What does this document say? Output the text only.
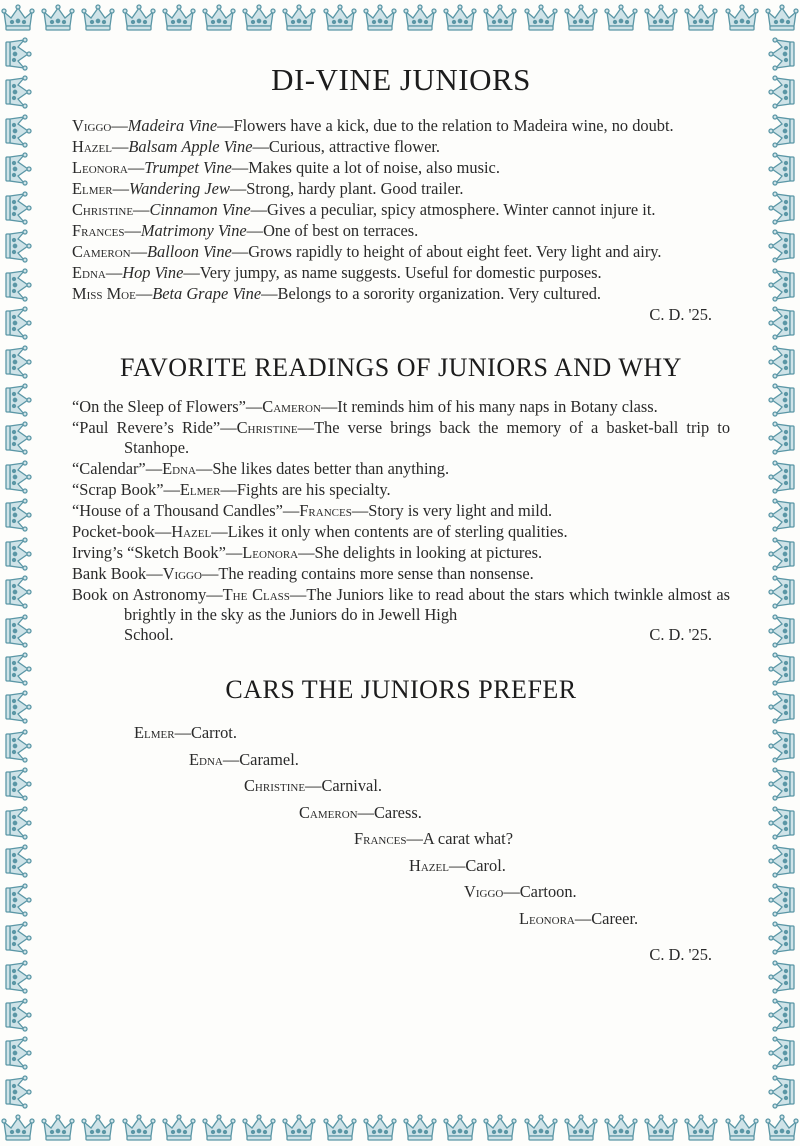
DI-VINE JUNIORS

Viggo—Madeira Vine—Flowers have a kick, due to the relation to Madeira wine, no doubt.

Hazel—Balsam Apple Vine—Curious, attractive flower.

Leonora—Trumpet Vine—Makes quite a lot of noise, also music.

Elmer—Wandering Jew—Strong, hardy plant. Good trailer.

Christine—Cinnamon Vine—Gives a peculiar, spicy atmosphere. Winter cannot injure it.

Frances—Matrimony Vine—One of best on terraces.

Cameron—Balloon Vine—Grows rapidly to height of about eight feet. Very light and airy.

Edna—Hop Vine—Very jumpy, as name suggests. Useful for domestic purposes.

Miss Moe—Beta Grape Vine—Belongs to a sorority organization. Very cultured.

C. D. '25.
FAVORITE READINGS OF JUNIORS AND WHY

“On the Sleep of Flowers”—Cameron—It reminds him of his many naps in Botany class.

“Paul Revere’s Ride”—Christine—The verse brings back the memory of a basket-ball trip to Stanhope.

“Calendar”—Edna—She likes dates better than anything.

“Scrap Book”—Elmer—Fights are his specialty.

“House of a Thousand Candles”—Frances—Story is very light and mild.

Pocket-book—Hazel—Likes it only when contents are of sterling qualities.

Irving’s “Sketch Book”—Leonora—She delights in looking at pictures.

Bank Book—Viggo—The reading contains more sense than nonsense.

Book on Astronomy—The Class—The Juniors like to read about the stars which twinkle almost as brightly in the sky as the Juniors do in Jewell High

School.	C. D. '25.
CARS THE JUNIORS PREFER
C. D. '25.
Elmer—Carrot.
Edna—Caramel.
Christine—Carnival.
Cameron—Caress.
Frances—A carat what?
Hazel—Carol.
Viggo—Cartoon.
Leonora—Career.
